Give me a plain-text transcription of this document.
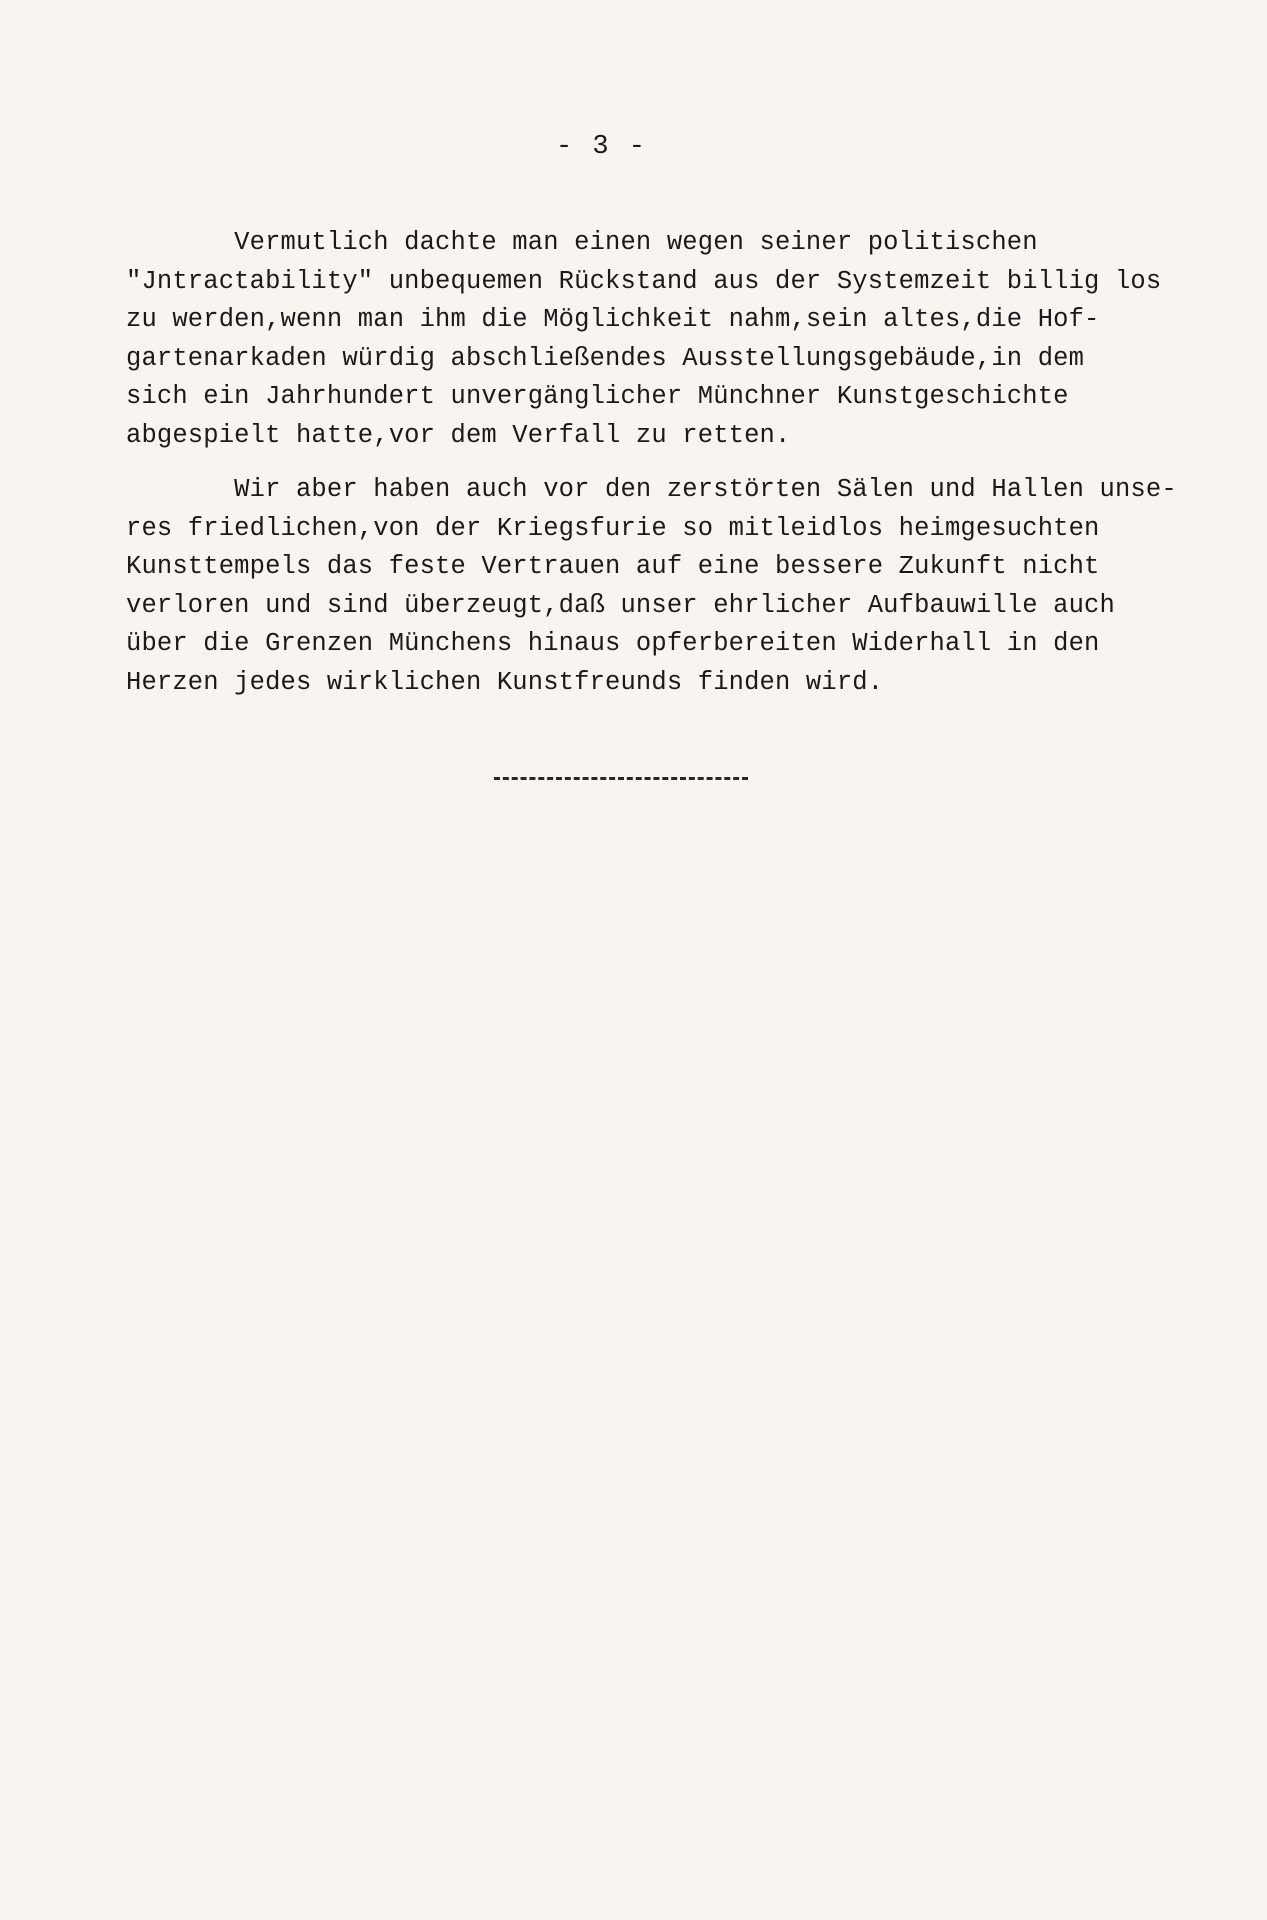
- 3 -
Vermutlich dachte man einen wegen seiner politischen
"Jntractability" unbequemen Rückstand aus der Systemzeit billig los
zu werden,wenn man ihm die Möglichkeit nahm,sein altes,die Hof-
gartenarkaden würdig abschließendes Ausstellungsgebäude,in dem
sich ein Jahrhundert unvergänglicher Münchner Kunstgeschichte
abgespielt hatte,vor dem Verfall zu retten.
Wir aber haben auch vor den zerstörten Sälen und Hallen unse-
res friedlichen,von der Kriegsfurie so mitleidlos heimgesuchten
Kunsttempels das feste Vertrauen auf eine bessere Zukunft nicht
verloren und sind überzeugt,daß unser ehrlicher Aufbauwille auch
über die Grenzen Münchens hinaus opferbereiten Widerhall in den
Herzen jedes wirklichen Kunstfreunds finden wird.
